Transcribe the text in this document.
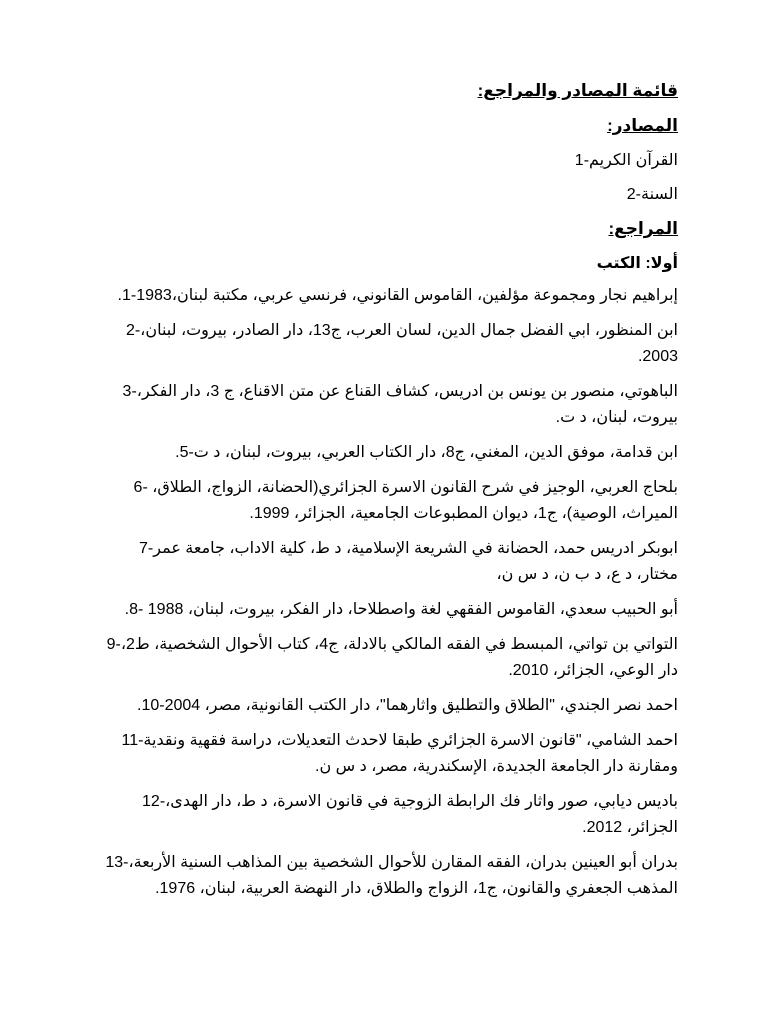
قائمة المصادر والمراجع:
المصادر:
القرآن الكريم-1
السنة-2
المراجع:
أولا: الكتب
إبراهيم نجار ومجموعة مؤلفين، القاموس القانوني، فرنسي عربي، مكتبة لبنان،1983-1.
ابن المنظور، ابي الفضل جمال الدين، لسان العرب، ج13، دار الصادر، بيروت، لبنان،-2
2003.
الباهوتي، منصور بن يونس بن ادريس، كشاف القناع عن متن الاقناع، ج 3، دار الفكر،-3
بيروت، لبنان، د ت.
ابن قدامة، موفق الدين، المغني، ج8، دار الكتاب العربي، بيروت، لبنان، د ت-5.
بلحاج العربي، الوجيز في شرح القانون الاسرة الجزائري(الحضانة، الزواج، الطلاق، -6
الميراث، الوصية)، ج1، ديوان المطبوعات الجامعية، الجزائر، 1999.
ابوبكر ادريس حمد، الحضانة في الشريعة الإسلامية، د ط، كلية الاداب، جامعة عمر-7
مختار، د ع، د ب ن، د س ن،
أبو الحبيب سعدي، القاموس الفقهي لغة واصطلاحا، دار الفكر، بيروت، لبنان، 1988 -8.
التواتي بن تواتي، المبسط في الفقه المالكي بالادلة، ج4، كتاب الأحوال الشخصية، ط2،-9
دار الوعي، الجزائر، 2010.
احمد نصر الجندي، "الطلاق والتطليق واثارهما"، دار الكتب القانونية، مصر، 2004-10.
احمد الشامي، "قانون الاسرة الجزائري طبقا لاحدث التعديلات، دراسة فقهية ونقدية-11
ومقارنة دار الجامعة الجديدة، الإسكندرية، مصر، د س ن.
باديس ديابي، صور واثار فك الرابطة الزوجية في قانون الاسرة، د ط، دار الهدى،-12
الجزائر، 2012.
بدران أبو العينين بدران، الفقه المقارن للأحوال الشخصية بين المذاهب السنية الأربعة،-13
المذهب الجعفري والقانون، ج1، الزواج والطلاق، دار النهضة العربية، لبنان، 1976.
